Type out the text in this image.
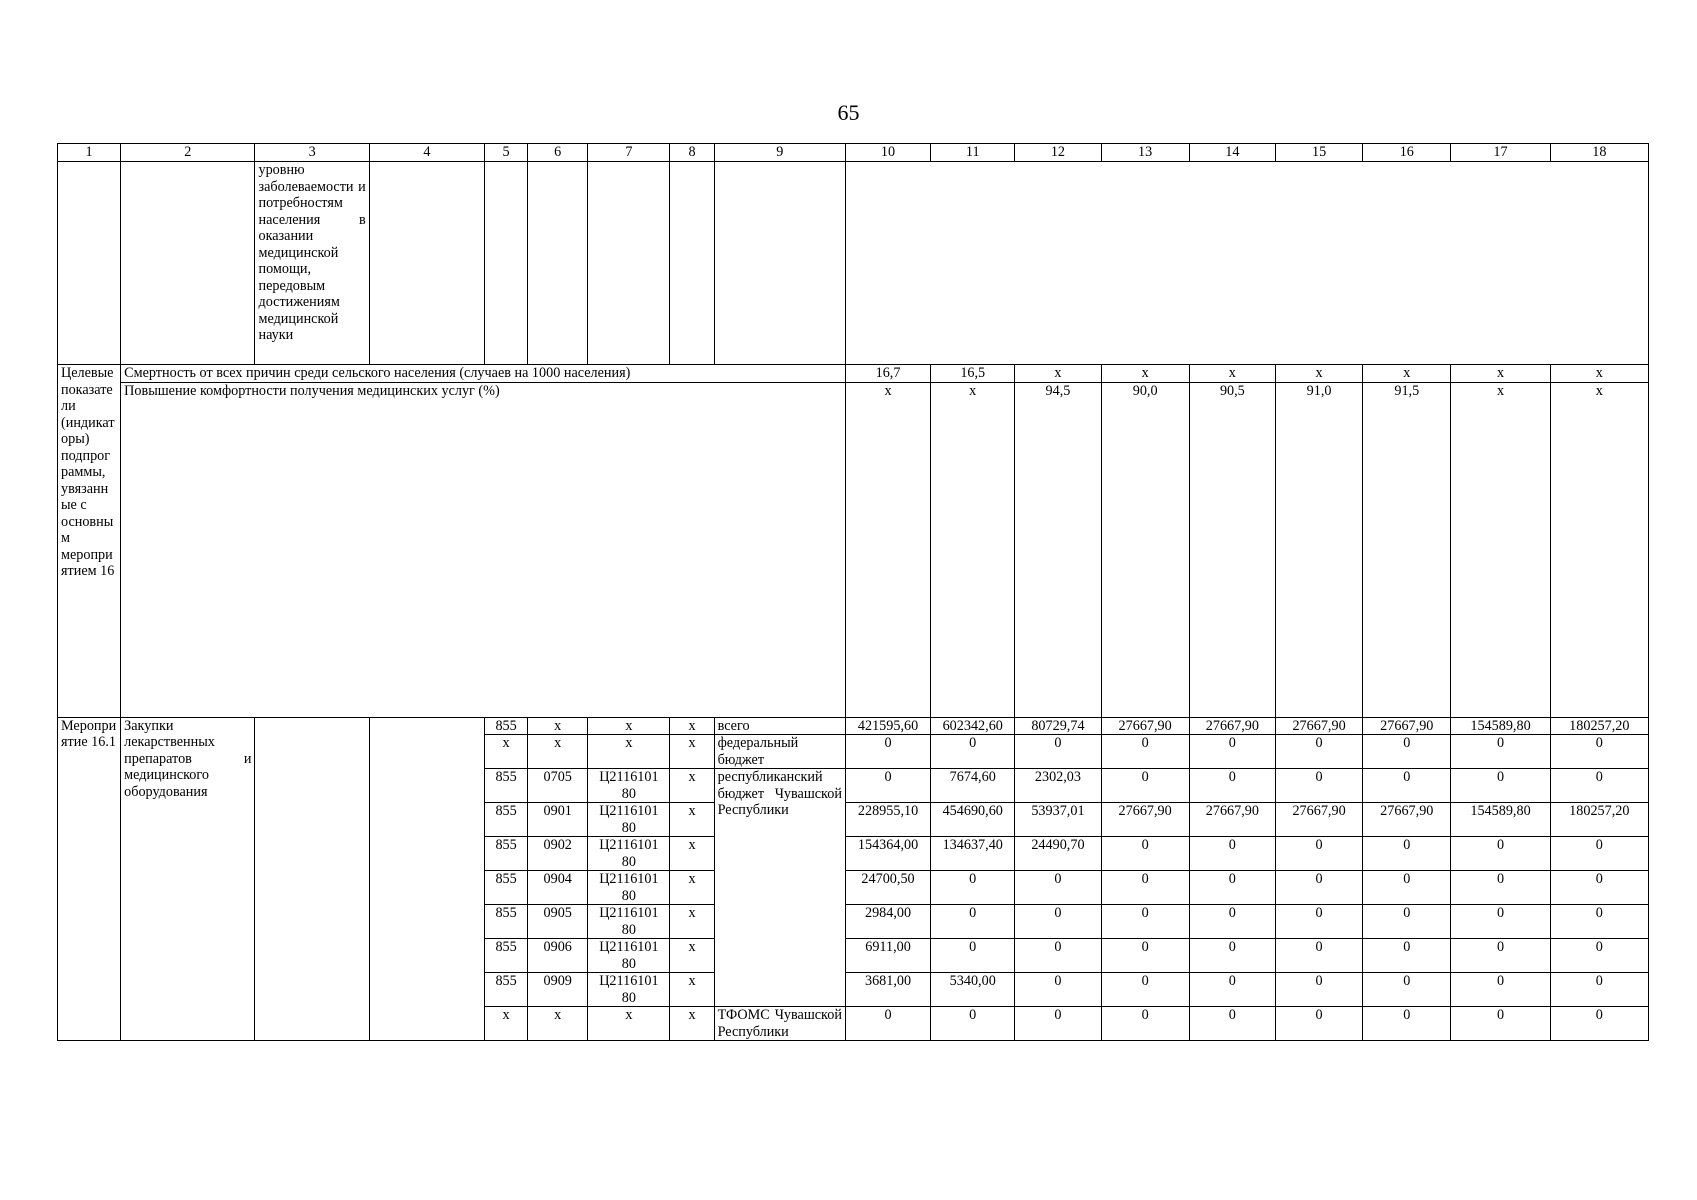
65
1	2	3	4	5	6	7	8	9	10	11	12	13	14	15	16	17	18
		уровню заболеваемости и потребностям населения в оказании медицинской помощи, передовым достижениям медицинской науки															
Целевые показатели (индикаторы) подпрограммы, увязанные с основным мероприятием 16	Смертность от всех причин среди сельского населения (случаев на 1000 населения)								16,7	16,5	x	x	x	x	x	x	x
	Повышение комфортности получения медицинских услуг (%)								x	x	94,5	90,0	90,5	91,0	91,5	x	x
Мероприятие 16.1	Закупки лекарственных препаратов и медицинского оборудования			855	x	x	x	всего	421595,60	602342,60	80729,74	27667,90	27667,90	27667,90	27667,90	154589,80	180257,20
				x	x	x	x	федеральный бюджет	0	0	0	0	0	0	0	0	0
				855	0705	Ц2116101 80	x	республиканский бюджет Чувашской Республики	0	7674,60	2302,03	0	0	0	0	0	0
				855	0901	Ц2116101 80	x		228955,10	454690,60	53937,01	27667,90	27667,90	27667,90	27667,90	154589,80	180257,20
				855	0902	Ц2116101 80	x		154364,00	134637,40	24490,70	0	0	0	0	0	0
				855	0904	Ц2116101 80	x		24700,50	0	0	0	0	0	0	0	0
				855	0905	Ц2116101 80	x		2984,00	0	0	0	0	0	0	0	0
				855	0906	Ц2116101 80	x		6911,00	0	0	0	0	0	0	0	0
				855	0909	Ц2116101 80	x		3681,00	5340,00	0	0	0	0	0	0	0
				x	x	x	x	ТФОМС Чувашской Республики	0	0	0	0	0	0	0	0	0
